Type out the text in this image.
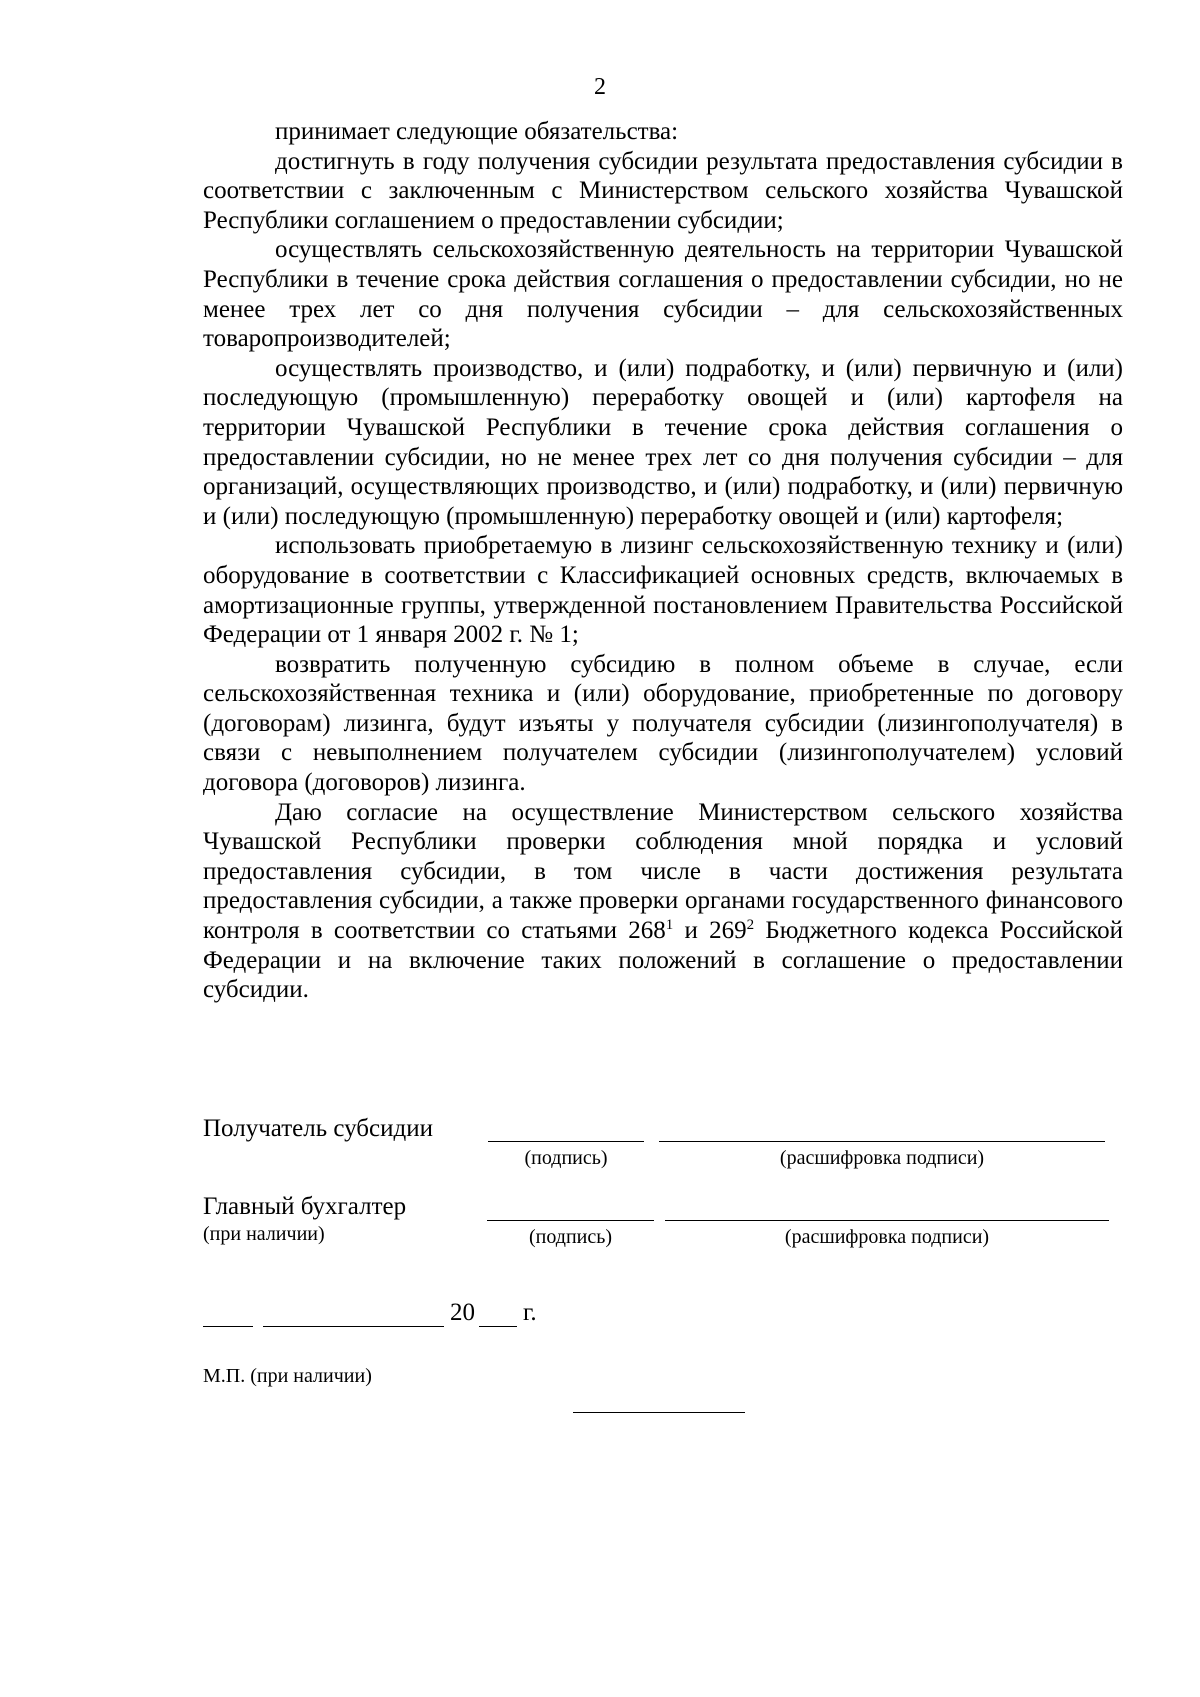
2

принимает следующие обязательства:

достигнуть в году получения субсидии результата предоставления субсидии в соответствии с заключенным с Министерством сельского хозяйства Чувашской Республики соглашением о предоставлении субсидии;

осуществлять сельскохозяйственную деятельность на территории Чувашской Республики в течение срока действия соглашения о предоставлении субсидии, но не менее трех лет со дня получения субсидии – для сельскохозяйственных товаропроизводителей;

осуществлять производство, и (или) подработку, и (или) первичную и (или) последующую (промышленную) переработку овощей и (или) картофеля на территории Чувашской Республики в течение срока действия соглашения о предоставлении субсидии, но не менее трех лет со дня получения субсидии – для организаций, осуществляющих производство, и (или) подработку, и (или) первичную и (или) последующую (промышленную) переработку овощей и (или) картофеля;

использовать приобретаемую в лизинг сельскохозяйственную технику и (или) оборудование в соответствии с Классификацией основных средств, включаемых в амортизационные группы, утвержденной постановлением Правительства Российской Федерации от 1 января 2002 г. № 1;

возвратить полученную субсидию в полном объеме в случае, если сельскохозяйственная техника и (или) оборудование, приобретенные по договору (договорам) лизинга, будут изъяты у получателя субсидии (лизингополучателя) в связи с невыполнением получателем субсидии (лизингополучателем) условий договора (договоров) лизинга.

Даю согласие на осуществление Министерством сельского хозяйства Чувашской Республики проверки соблюдения мной порядка и условий предоставления субсидии, в том числе в части достижения результата предоставления субсидии, а также проверки органами государственного финансового контроля в соответствии со статьями $268^1$ и $269^2$ Бюджетного кодекса Российской Федерации и на включение таких положений в соглашение о предоставлении субсидии.

Получатель субсидии
(подпись)	(расшифровка подписи)
Главный бухгалтер
(при наличии)	(подпись)	(расшифровка подписи)
20 г.
М.П. (при наличии)
